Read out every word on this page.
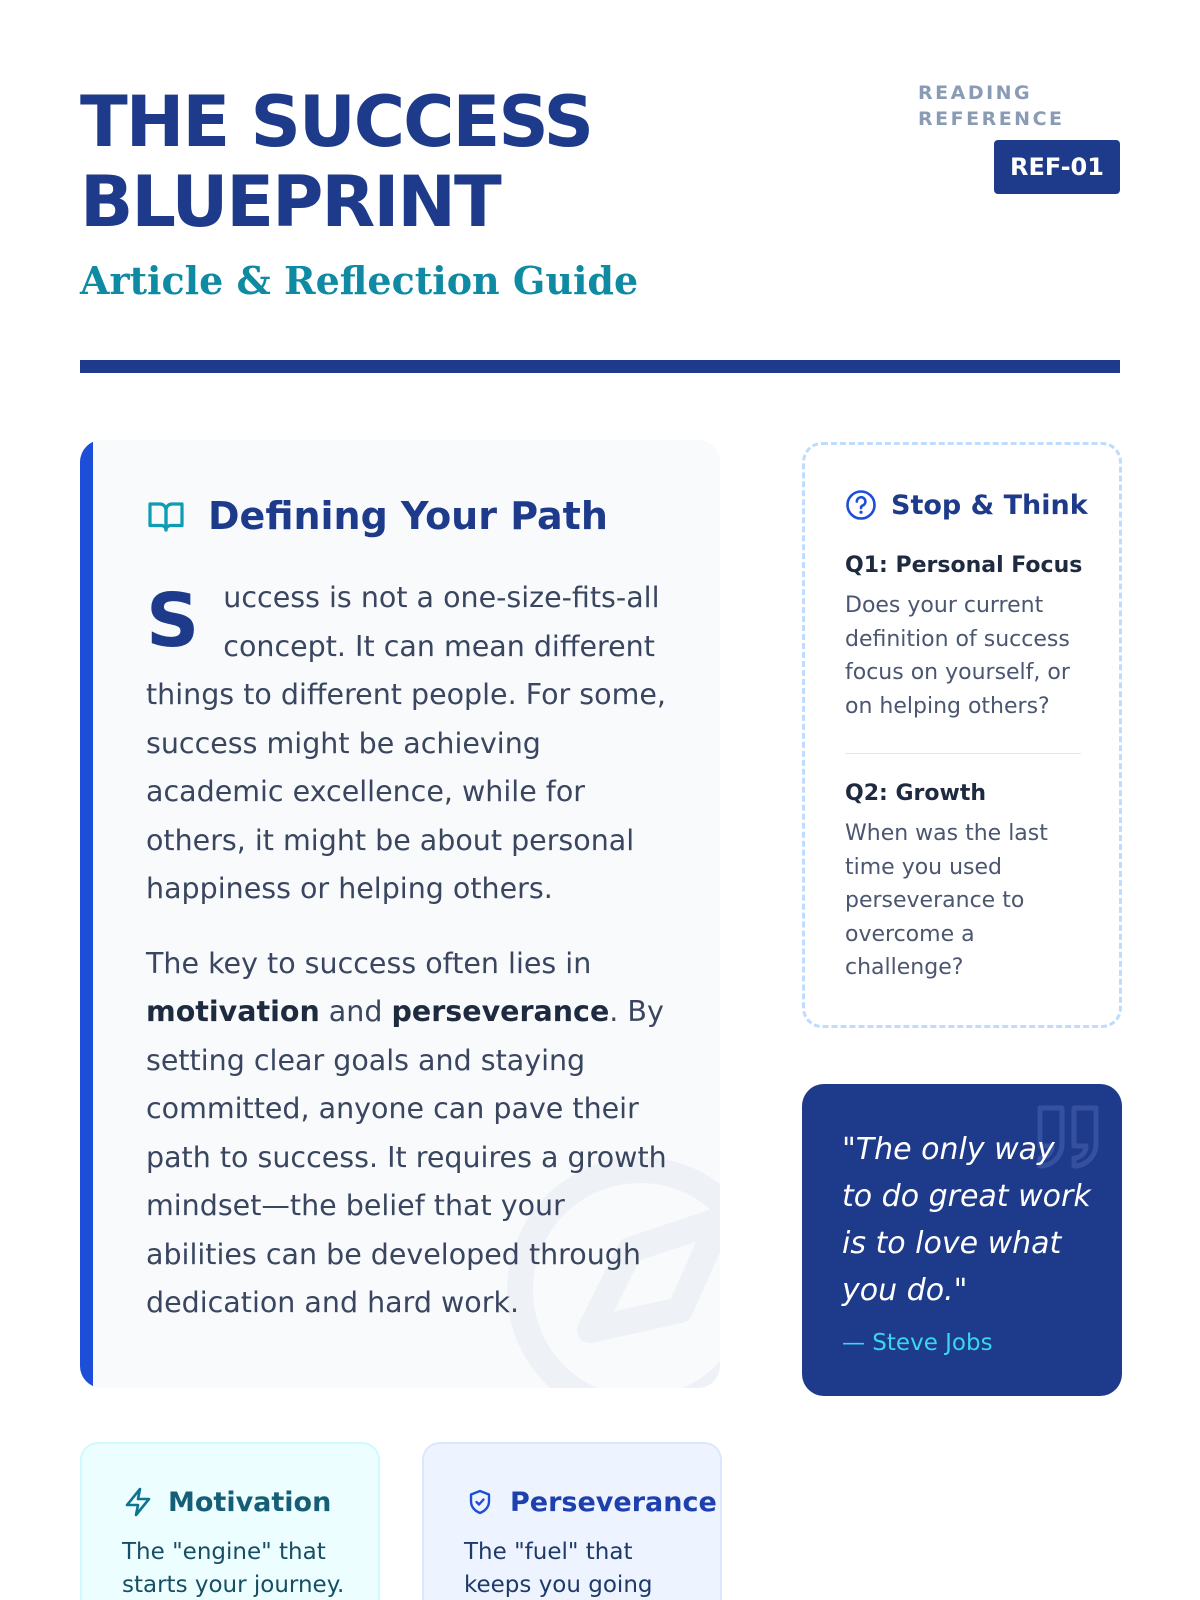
THE SUCCESS
BLUEPRINT
Article & Reflection Guide
READING
REFERENCE
REF-01
Defining Your Path

Success is not a one-size-fits-all concept. It can mean different things to different people. For some, success might be achieving academic excellence, while for others, it might be about personal happiness or helping others.

The key to success often lies in motivation and perseverance. By setting clear goals and staying committed, anyone can pave their path to success. It requires a growth mindset—the belief that your abilities can be developed through dedication and hard work.

Stop & Think
Q1: Personal Focus
Does your current definition of success focus on yourself, or on helping others?
Q2: Growth
When was the last time you used perseverance to overcome a challenge?
"The only way to do great work is to love what you do."
— Steve Jobs
Motivation
The "engine" that starts your journey.
Perseverance
The "fuel" that keeps you going
